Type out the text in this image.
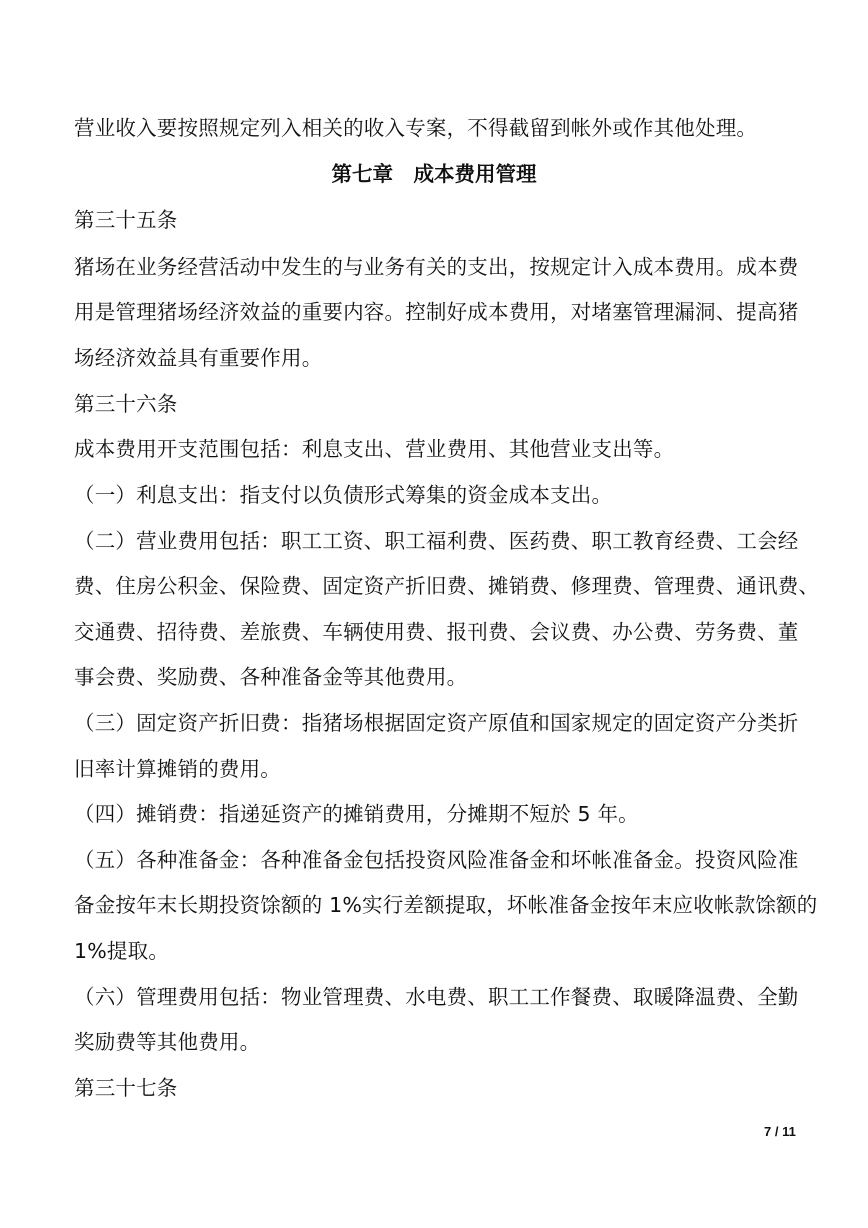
营业收入要按照规定列入相关的收入专案，不得截留到帐外或作其他处理。
第七章　成本费用管理
第三十五条
猪场在业务经营活动中发生的与业务有关的支出，按规定计入成本费用。成本费
用是管理猪场经济效益的重要内容。控制好成本费用，对堵塞管理漏洞、提高猪
场经济效益具有重要作用。
第三十六条
成本费用开支范围包括：利息支出、营业费用、其他营业支出等。
（一）利息支出：指支付以负债形式筹集的资金成本支出。
（二）营业费用包括：职工工资、职工福利费、医药费、职工教育经费、工会经
费、住房公积金、保险费、固定资产折旧费、摊销费、修理费、管理费、通讯费、
交通费、招待费、差旅费、车辆使用费、报刊费、会议费、办公费、劳务费、董
事会费、奖励费、各种准备金等其他费用。
（三）固定资产折旧费：指猪场根据固定资产原值和国家规定的固定资产分类折
旧率计算摊销的费用。
（四）摊销费：指递延资产的摊销费用，分摊期不短於 5 年。
（五）各种准备金：各种准备金包括投资风险准备金和坏帐准备金。投资风险准
备金按年末长期投资馀额的 1%实行差额提取，坏帐准备金按年末应收帐款馀额的
1%提取。
（六）管理费用包括：物业管理费、水电费、职工工作餐费、取暖降温费、全勤
奖励费等其他费用。
第三十七条
7 / 11
